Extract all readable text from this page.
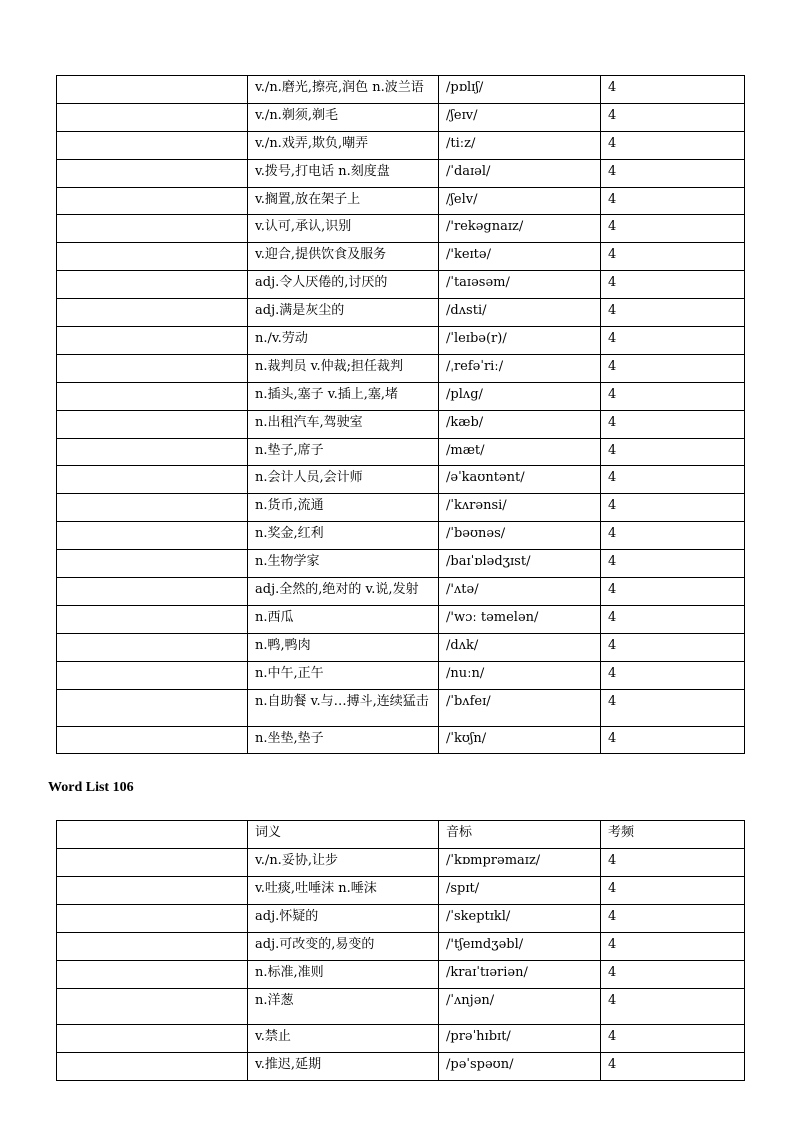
	v./n.磨光,擦亮,润色 n.波兰语	/pɒlɪʃ/	4
	v./n.剃须,剃毛	/ʃeɪv/	4
	v./n.戏弄,欺负,嘲弄	/tiːz/	4
	v.拨号,打电话 n.刻度盘	/ˈdaɪəl/	4
	v.搁置,放在架子上	/ʃelv/	4
	v.认可,承认,识别	/'rekəgnaɪz/	4
	v.迎合,提供饮食及服务	/'keɪtə/	4
	adj.令人厌倦的,讨厌的	/ˈtaɪəsəm/	4
	adj.满是灰尘的	/dʌsti/	4
	n./v.劳动	/ˈleɪbə(r)/	4
	n.裁判员 v.仲裁;担任裁判	/ˌrefəˈriː/	4
	n.插头,塞子 v.插上,塞,堵	/plʌg/	4
	n.出租汽车,驾驶室	/kæb/	4
	n.垫子,席子	/mæt/	4
	n.会计人员,会计师	/əˈkaʊntənt/	4
	n.货币,流通	/ˈkʌrənsi/	4
	n.奖金,红利	/ˈbəʊnəs/	4
	n.生物学家	/baɪˈɒlədʒɪst/	4
	adj.全然的,绝对的 v.说,发射	/'ʌtə/	4
	n.西瓜	/'wɔː təmelən/	4
	n.鸭,鸭肉	/dʌk/	4
	n.中午,正午	/nuːn/	4
	n.自助餐 v.与…搏斗,连续猛击	/ˈbʌfeɪ/	4
	n.坐垫,垫子	/ˈkʊʃn/	4
Word List 106
	词义	音标	考频
	v./n.妥协,让步	/ˈkɒmprəmaɪz/	4
	v.吐痰,吐唾沫 n.唾沫	/spɪt/	4
	adj.怀疑的	/ˈskeptɪkl/	4
	adj.可改变的,易变的	/'tʃeɪndʒəbl/	4
	n.标准,准则	/kraɪˈtɪəriən/	4
	n.洋葱	/ˈʌnjən/	4
	v.禁止	/prəˈhɪbɪt/	4
	v.推迟,延期	/pəˈspəʊn/	4
